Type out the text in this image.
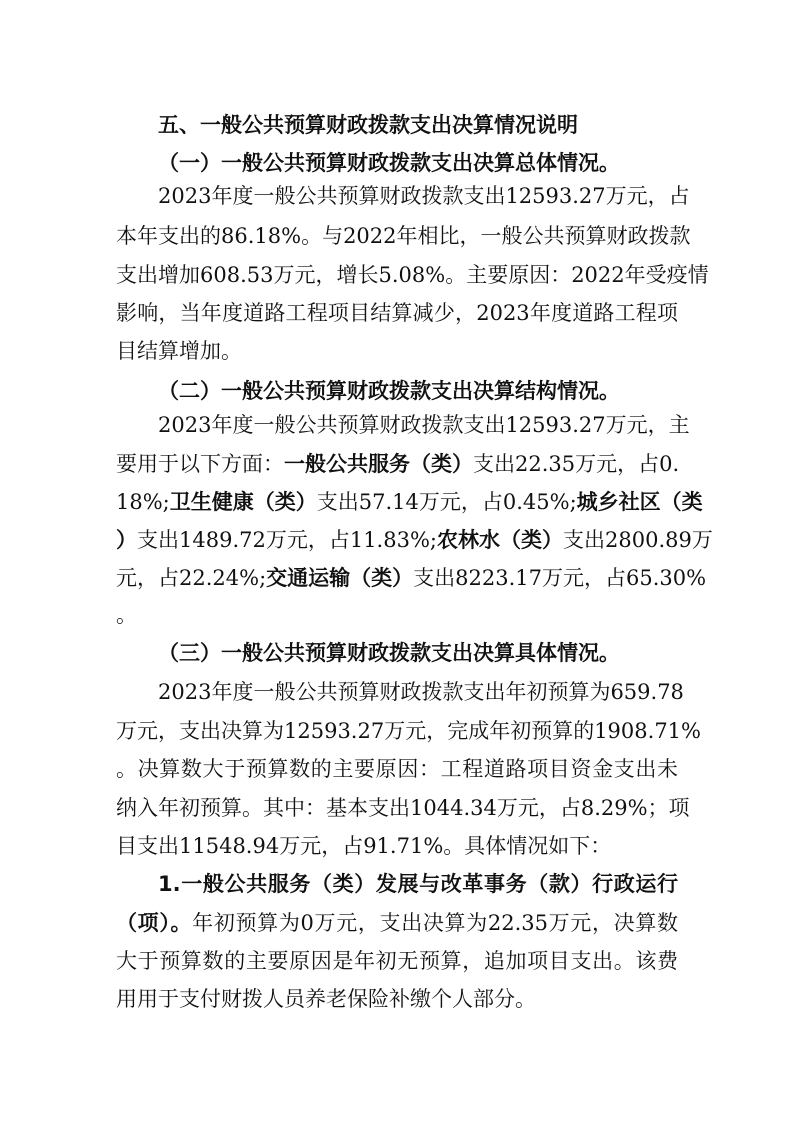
五、一般公共预算财政拨款支出决算情况说明
（一）一般公共预算财政拨款支出决算总体情况。
2023年度一般公共预算财政拨款支出12593.27万元，占
本年支出的86.18%。与2022年相比，一般公共预算财政拨款
支出增加608.53万元，增长5.08%。主要原因：2022年受疫情
影响，当年度道路工程项目结算减少，2023年度道路工程项
目结算增加。
（二）一般公共预算财政拨款支出决算结构情况。
2023年度一般公共预算财政拨款支出12593.27万元，主
要用于以下方面：一般公共服务（类）支出22.35万元，占0.
18%;卫生健康（类）支出57.14万元，占0.45%;城乡社区（类
）支出1489.72万元，占11.83%;农林水（类）支出2800.89万
元，占22.24%;交通运输（类）支出8223.17万元，占65.30%
。
（三）一般公共预算财政拨款支出决算具体情况。
2023年度一般公共预算财政拨款支出年初预算为659.78
万元，支出决算为12593.27万元，完成年初预算的1908.71%
。决算数大于预算数的主要原因：工程道路项目资金支出未
纳入年初预算。其中：基本支出1044.34万元，占8.29%；项
目支出11548.94万元，占91.71%。具体情况如下：
1.一般公共服务（类）发展与改革事务（款）行政运行
（项）。年初预算为0万元，支出决算为22.35万元，决算数
大于预算数的主要原因是年初无预算，追加项目支出。该费
用用于支付财拨人员养老保险补缴个人部分。
